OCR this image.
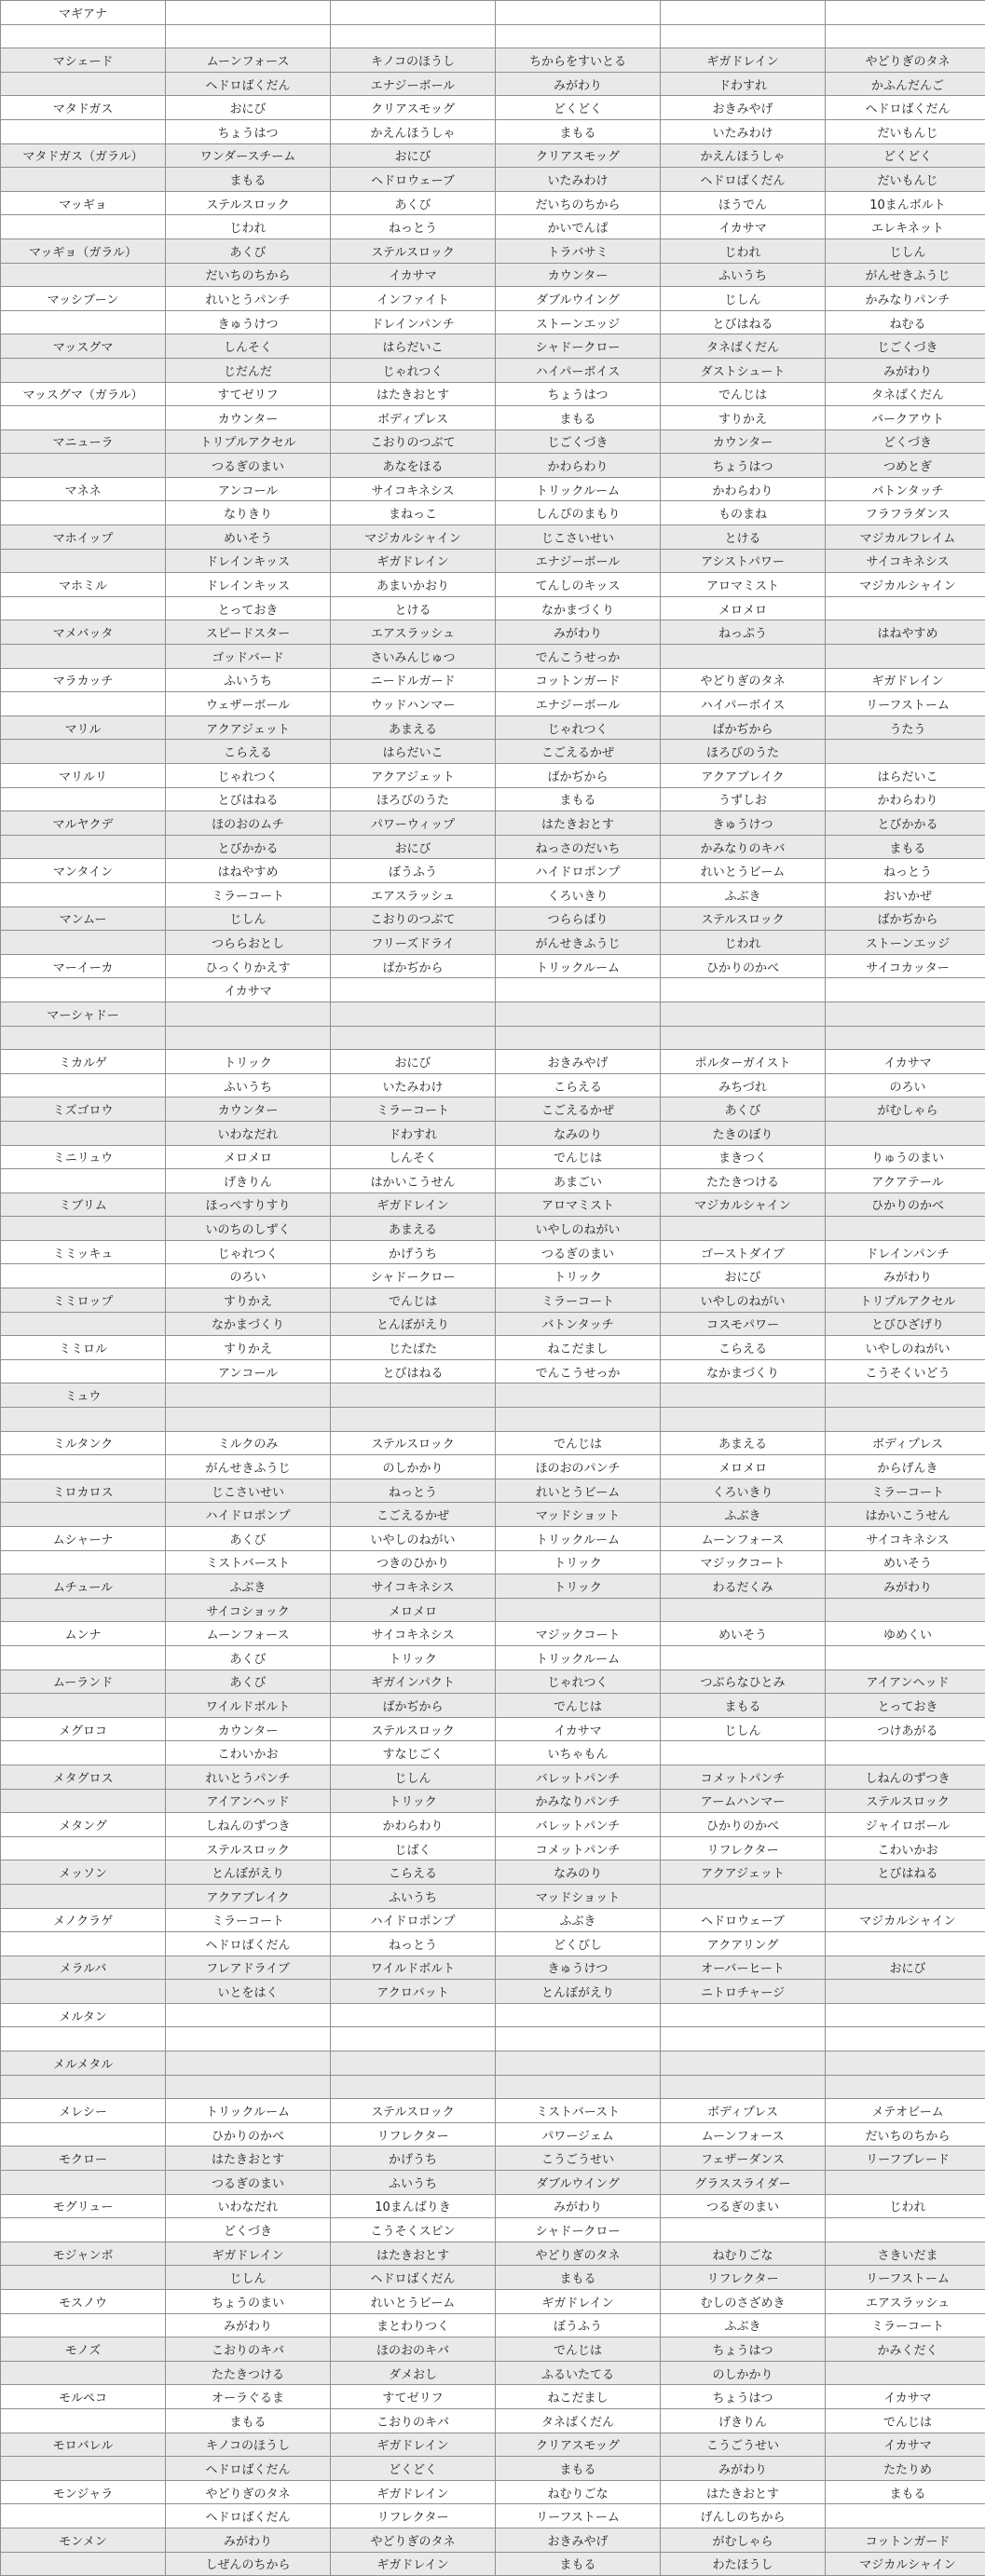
マギアナ					

マシェード	ムーンフォース	キノコのほうし	ちからをすいとる	ギガドレイン	やどりぎのタネ
	ヘドロばくだん	エナジーボール	みがわり	ドわすれ	かふんだんご
マタドガス	おにび	クリアスモッグ	どくどく	おきみやげ	ヘドロばくだん
	ちょうはつ	かえんほうしゃ	まもる	いたみわけ	だいもんじ
マタドガス（ガラル）	ワンダースチーム	おにび	クリアスモッグ	かえんほうしゃ	どくどく
	まもる	ヘドロウェーブ	いたみわけ	ヘドロばくだん	だいもんじ
マッギョ	ステルスロック	あくび	だいちのちから	ほうでん	10まんボルト
	じわれ	ねっとう	かいでんぱ	イカサマ	エレキネット
マッギョ（ガラル）	あくび	ステルスロック	トラバサミ	じわれ	じしん
	だいちのちから	イカサマ	カウンター	ふいうち	がんせきふうじ
マッシブーン	れいとうパンチ	インファイト	ダブルウイング	じしん	かみなりパンチ
	きゅうけつ	ドレインパンチ	ストーンエッジ	とびはねる	ねむる
マッスグマ	しんそく	はらだいこ	シャドークロー	タネばくだん	じごくづき
	じだんだ	じゃれつく	ハイパーボイス	ダストシュート	みがわり
マッスグマ（ガラル）	すてゼリフ	はたきおとす	ちょうはつ	でんじは	タネばくだん
	カウンター	ボディプレス	まもる	すりかえ	バークアウト
マニューラ	トリプルアクセル	こおりのつぶて	じごくづき	カウンター	どくづき
	つるぎのまい	あなをほる	かわらわり	ちょうはつ	つめとぎ
マネネ	アンコール	サイコキネシス	トリックルーム	かわらわり	バトンタッチ
	なりきり	まねっこ	しんぴのまもり	ものまね	フラフラダンス
マホイップ	めいそう	マジカルシャイン	じこさいせい	とける	マジカルフレイム
	ドレインキッス	ギガドレイン	エナジーボール	アシストパワー	サイコキネシス
マホミル	ドレインキッス	あまいかおり	てんしのキッス	アロマミスト	マジカルシャイン
	とっておき	とける	なかまづくり	メロメロ	
マメバッタ	スピードスター	エアスラッシュ	みがわり	ねっぷう	はねやすめ
	ゴッドバード	さいみんじゅつ	でんこうせっか		
マラカッチ	ふいうち	ニードルガード	コットンガード	やどりぎのタネ	ギガドレイン
	ウェザーボール	ウッドハンマー	エナジーボール	ハイパーボイス	リーフストーム
マリル	アクアジェット	あまえる	じゃれつく	ばかぢから	うたう
	こらえる	はらだいこ	こごえるかぜ	ほろびのうた	
マリルリ	じゃれつく	アクアジェット	ばかぢから	アクアブレイク	はらだいこ
	とびはねる	ほろびのうた	まもる	うずしお	かわらわり
マルヤクデ	ほのおのムチ	パワーウィップ	はたきおとす	きゅうけつ	とびかかる
	とびかかる	おにび	ねっさのだいち	かみなりのキバ	まもる
マンタイン	はねやすめ	ぼうふう	ハイドロポンプ	れいとうビーム	ねっとう
	ミラーコート	エアスラッシュ	くろいきり	ふぶき	おいかぜ
マンムー	じしん	こおりのつぶて	つららばり	ステルスロック	ばかぢから
	つららおとし	フリーズドライ	がんせきふうじ	じわれ	ストーンエッジ
マーイーカ	ひっくりかえす	ばかぢから	トリックルーム	ひかりのかべ	サイコカッター
	イカサマ				
マーシャドー					

ミカルゲ	トリック	おにび	おきみやげ	ポルターガイスト	イカサマ
	ふいうち	いたみわけ	こらえる	みちづれ	のろい
ミズゴロウ	カウンター	ミラーコート	こごえるかぜ	あくび	がむしゃら
	いわなだれ	ドわすれ	なみのり	たきのぼり	
ミニリュウ	メロメロ	しんそく	でんじは	まきつく	りゅうのまい
	げきりん	はかいこうせん	あまごい	たたきつける	アクアテール
ミブリム	ほっぺすりすり	ギガドレイン	アロマミスト	マジカルシャイン	ひかりのかべ
	いのちのしずく	あまえる	いやしのねがい		
ミミッキュ	じゃれつく	かげうち	つるぎのまい	ゴーストダイブ	ドレインパンチ
	のろい	シャドークロー	トリック	おにび	みがわり
ミミロップ	すりかえ	でんじは	ミラーコート	いやしのねがい	トリプルアクセル
	なかまづくり	とんぼがえり	バトンタッチ	コスモパワー	とびひざげり
ミミロル	すりかえ	じたばた	ねこだまし	こらえる	いやしのねがい
	アンコール	とびはねる	でんこうせっか	なかまづくり	こうそくいどう
ミュウ					

ミルタンク	ミルクのみ	ステルスロック	でんじは	あまえる	ボディプレス
	がんせきふうじ	のしかかり	ほのおのパンチ	メロメロ	からげんき
ミロカロス	じこさいせい	ねっとう	れいとうビーム	くろいきり	ミラーコート
	ハイドロポンプ	こごえるかぜ	マッドショット	ふぶき	はかいこうせん
ムシャーナ	あくび	いやしのねがい	トリックルーム	ムーンフォース	サイコキネシス
	ミストバースト	つきのひかり	トリック	マジックコート	めいそう
ムチュール	ふぶき	サイコキネシス	トリック	わるだくみ	みがわり
	サイコショック	メロメロ			
ムンナ	ムーンフォース	サイコキネシス	マジックコート	めいそう	ゆめくい
	あくび	トリック	トリックルーム		
ムーランド	あくび	ギガインパクト	じゃれつく	つぶらなひとみ	アイアンヘッド
	ワイルドボルト	ばかぢから	でんじは	まもる	とっておき
メグロコ	カウンター	ステルスロック	イカサマ	じしん	つけあがる
	こわいかお	すなじごく	いちゃもん		
メタグロス	れいとうパンチ	じしん	バレットパンチ	コメットパンチ	しねんのずつき
	アイアンヘッド	トリック	かみなりパンチ	アームハンマー	ステルスロック
メタング	しねんのずつき	かわらわり	バレットパンチ	ひかりのかべ	ジャイロボール
	ステルスロック	じばく	コメットパンチ	リフレクター	こわいかお
メッソン	とんぼがえり	こらえる	なみのり	アクアジェット	とびはねる
	アクアブレイク	ふいうち	マッドショット		
メノクラゲ	ミラーコート	ハイドロポンプ	ふぶき	ヘドロウェーブ	マジカルシャイン
	ヘドロばくだん	ねっとう	どくびし	アクアリング	
メラルバ	フレアドライブ	ワイルドボルト	きゅうけつ	オーバーヒート	おにび
	いとをはく	アクロバット	とんぼがえり	ニトロチャージ	
メルタン					

メルメタル					

メレシー	トリックルーム	ステルスロック	ミストバースト	ボディプレス	メテオビーム
	ひかりのかべ	リフレクター	パワージェム	ムーンフォース	だいちのちから
モクロー	はたきおとす	かげうち	こうごうせい	フェザーダンス	リーフブレード
	つるぎのまい	ふいうち	ダブルウイング	グラススライダー	
モグリュー	いわなだれ	10まんばりき	みがわり	つるぎのまい	じわれ
	どくづき	こうそくスピン	シャドークロー		
モジャンボ	ギガドレイン	はたきおとす	やどりぎのタネ	ねむりごな	さきいだま
	じしん	ヘドロばくだん	まもる	リフレクター	リーフストーム
モスノウ	ちょうのまい	れいとうビーム	ギガドレイン	むしのさざめき	エアスラッシュ
	みがわり	まとわりつく	ぼうふう	ふぶき	ミラーコート
モノズ	こおりのキバ	ほのおのキバ	でんじは	ちょうはつ	かみくだく
	たたきつける	ダメおし	ふるいたてる	のしかかり	
モルペコ	オーラぐるま	すてゼリフ	ねこだまし	ちょうはつ	イカサマ
	まもる	こおりのキバ	タネばくだん	げきりん	でんじは
モロバレル	キノコのほうし	ギガドレイン	クリアスモッグ	こうごうせい	イカサマ
	ヘドロばくだん	どくどく	まもる	みがわり	たたりめ
モンジャラ	やどりぎのタネ	ギガドレイン	ねむりごな	はたきおとす	まもる
	ヘドロばくだん	リフレクター	リーフストーム	げんしのちから	
モンメン	みがわり	やどりぎのタネ	おきみやげ	がむしゃら	コットンガード
	しぜんのちから	ギガドレイン	まもる	わたほうし	マジカルシャイン
